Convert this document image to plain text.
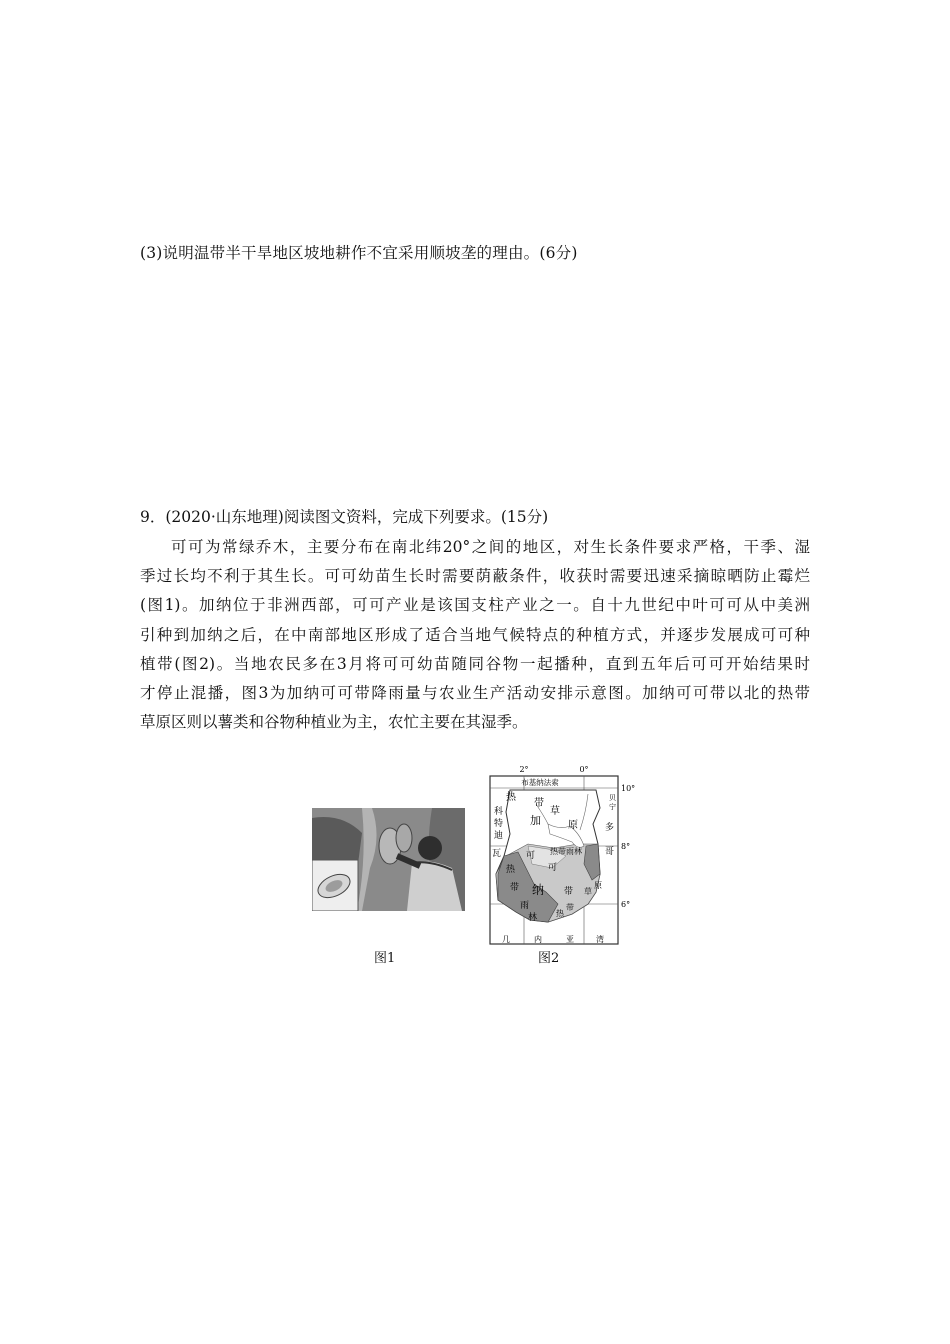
(3)说明温带半干旱地区坡地耕作不宜采用顺坡垄的理由。(6分)
9．(2020·山东地理)阅读图文资料，完成下列要求。(15分)
可可为常绿乔木，主要分布在南北纬20°之间的地区，对生长条件要求严格，干季、湿
季过长均不利于其生长。可可幼苗生长时需要荫蔽条件，收获时需要迅速采摘晾晒防止霉烂
(图1)。加纳位于非洲西部，可可产业是该国支柱产业之一。自十九世纪中叶可可从中美洲
引种到加纳之后，在中南部地区形成了适合当地气候特点的种植方式，并逐步发展成可可种
植带(图2)。当地农民多在3月将可可幼苗随同谷物一起播种，直到五年后可可开始结果时
才停止混播，图3为加纳可可带降雨量与农业生产活动安排示意图。加纳可可带以北的热带
草原区则以薯类和谷物种植业为主，农忙主要在其湿季。
图1
2°	0°
布基纳法索
科
特
迪
瓦
多
哥
贝
宁
几	内	亚	湾
热
带
草
原
加
纳
可
可
带
热带雨林
热
带
雨
林 热
带
草
原
10°
8°
6°
图2
